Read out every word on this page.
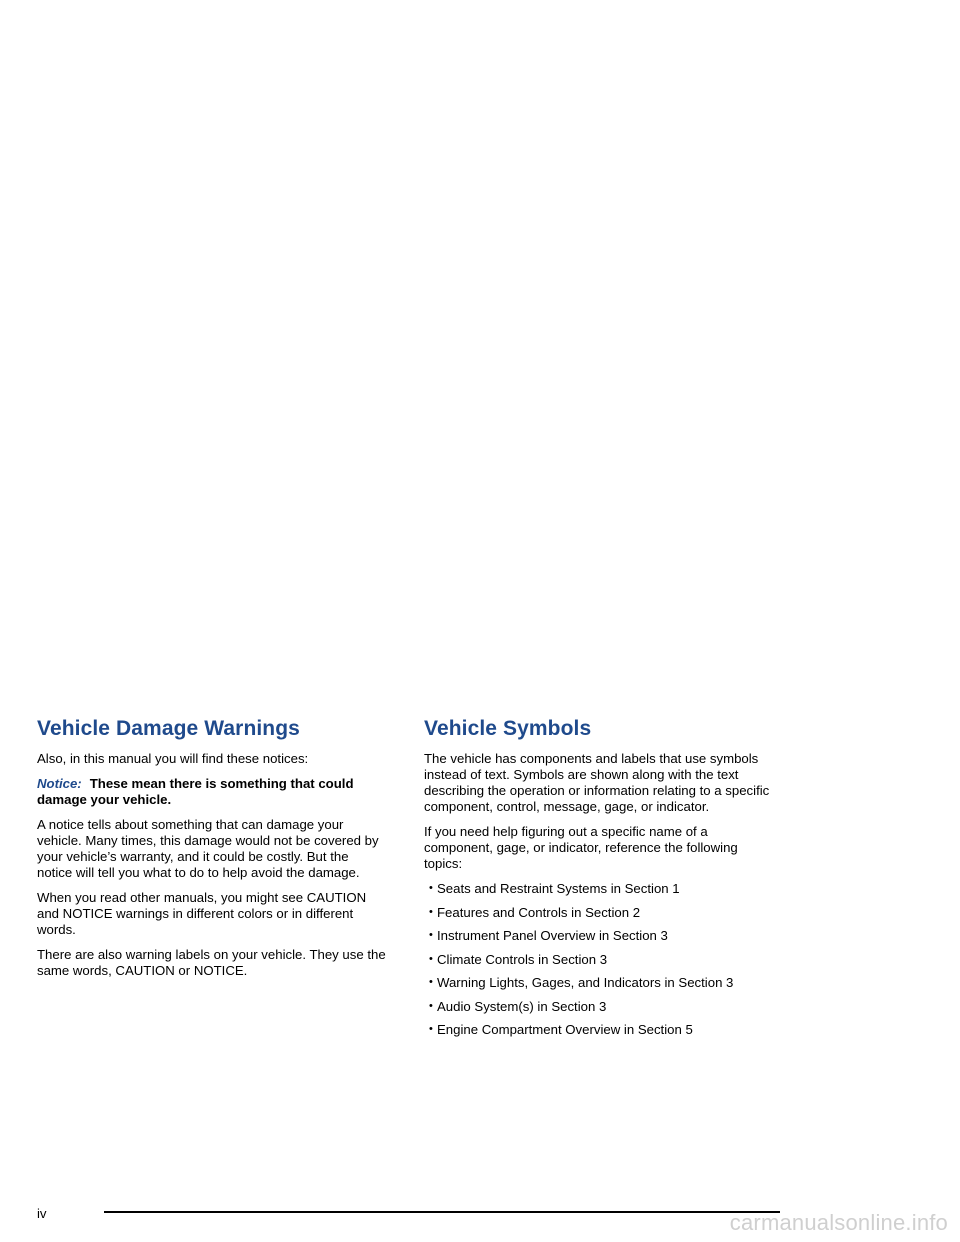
Vehicle Damage Warnings

Also, in this manual you will find these notices:

Notice: These mean there is something that could damage your vehicle.

A notice tells about something that can damage your vehicle. Many times, this damage would not be covered by your vehicle’s warranty, and it could be costly. But the notice will tell you what to do to help avoid the damage.

When you read other manuals, you might see CAUTION and NOTICE warnings in different colors or in different words.

There are also warning labels on your vehicle. They use the same words, CAUTION or NOTICE.

Vehicle Symbols

The vehicle has components and labels that use symbols instead of text. Symbols are shown along with the text describing the operation or information relating to a specific component, control, message, gage, or indicator.

If you need help figuring out a specific name of a component, gage, or indicator, reference the following topics:

• Seats and Restraint Systems in Section 1
• Features and Controls in Section 2
• Instrument Panel Overview in Section 3
• Climate Controls in Section 3
• Warning Lights, Gages, and Indicators in Section 3
• Audio System(s) in Section 3
• Engine Compartment Overview in Section 5
iv	carmanualsonline.info
